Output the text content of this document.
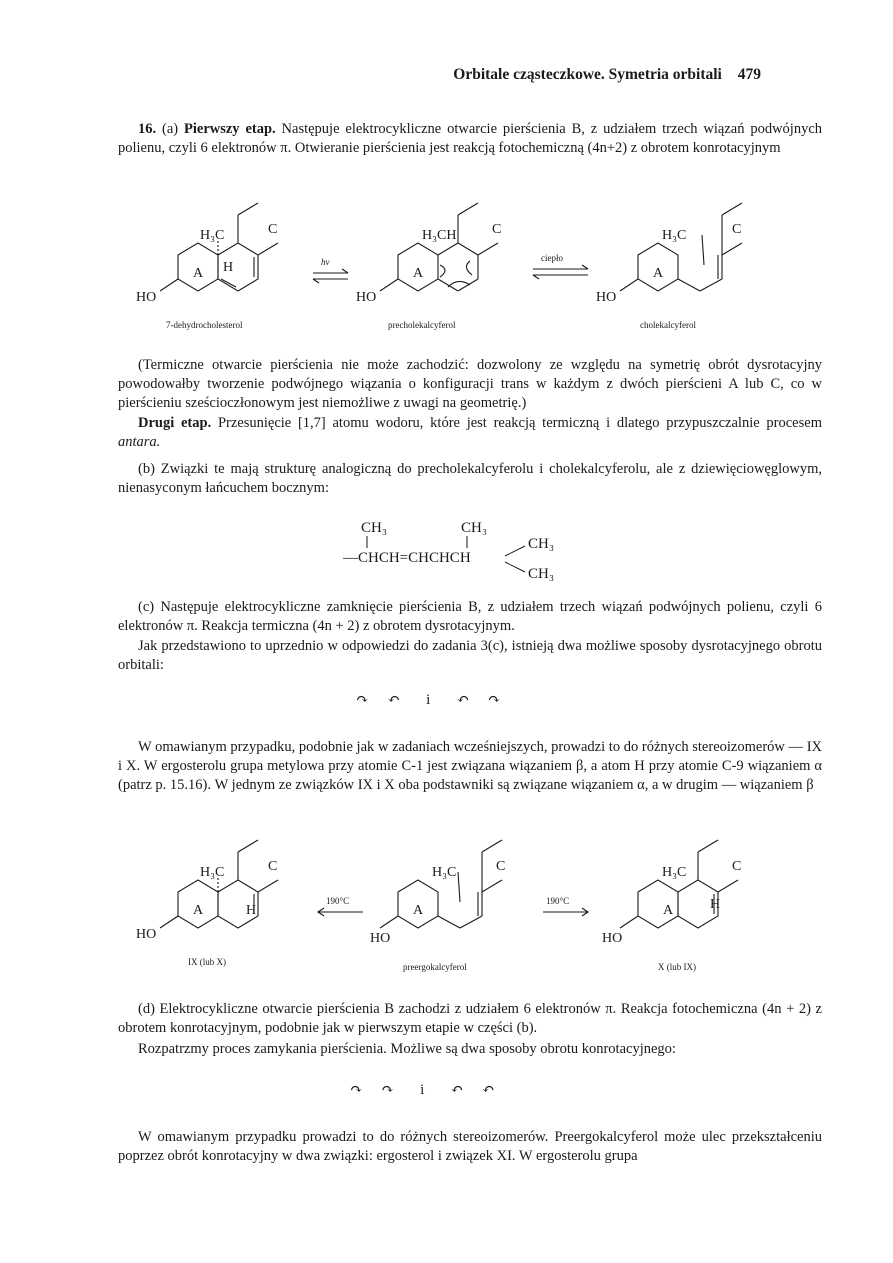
Orbitale cząsteczkowe. Symetria orbitali 479
16. (a) Pierwszy etap. Następuje elektrocykliczne otwarcie pierścienia B, z udziałem trzech wiązań podwójnych polienu, czyli 6 elektronów π. Otwieranie pierścienia jest reakcją fotochemiczną (4n+2) z obrotem konrotacyjnym
H₃C	C
A H
HO
hν
H₃CH	C
A
HO
ciepło
H₃C	C
A
HO
7-dehydrocholesterol	precholekalcyferol	cholekalcyferol
(Termiczne otwarcie pierścienia nie może zachodzić: dozwolony ze względu na symetrię obrót dysrotacyjny powodowałby tworzenie podwójnego wiązania o konfiguracji trans w każdym z dwóch pierścieni A lub C, co w pierścieniu sześcioczłonowym jest niemożliwe z uwagi na geometrię.)
Drugi etap. Przesunięcie [1,7] atomu wodoru, które jest reakcją termiczną i dlatego przypuszczalnie procesem antara.
(b) Związki te mają strukturę analogiczną do precholekalcyferolu i cholekalcyferolu, ale z dziewięciowęglowym, nienasyconym łańcuchem bocznym:
CH₃	CH₃
—CHCH=CHCHCH
CH₃
CH₃
(c) Następuje elektrocykliczne zamknięcie pierścienia B, z udziałem trzech wiązań podwójnych polienu, czyli 6 elektronów π. Reakcja termiczna (4n + 2) z obrotem dysrotacyjnym.
Jak przedstawiono to uprzednio w odpowiedzi do zadania 3(c), istnieją dwa możliwe sposoby dysrotacyjnego obrotu orbitali:
↷ ↶ i ↶ ↷
W omawianym przypadku, podobnie jak w zadaniach wcześniejszych, prowadzi to do różnych stereoizomerów — IX i X. W ergosterolu grupa metylowa przy atomie C-1 jest związana wiązaniem β, a atom H przy atomie C-9 wiązaniem α (patrz p. 15.16). W jednym ze związków IX i X oba podstawniki są związane wiązaniem α, a w drugim — wiązaniem β
H₃C	C
A	H
HO
190°C
H₃C	C
A
HO
190°C
H₃C	C
A	H
HO
IX (lub X)	preergokalcyferol	X (lub IX)
(d) Elektrocykliczne otwarcie pierścienia B zachodzi z udziałem 6 elektronów π. Reakcja fotochemiczna (4n + 2) z obrotem konrotacyjnym, podobnie jak w pierwszym etapie w części (b).
Rozpatrzmy proces zamykania pierścienia. Możliwe są dwa sposoby obrotu konrotacyjnego:
↷ ↷ i ↶ ↶
W omawianym przypadku prowadzi to do różnych stereoizomerów. Preergokalcyferol może ulec przekształceniu poprzez obrót konrotacyjny w dwa związki: ergosterol i związek XI. W ergosterolu grupa
